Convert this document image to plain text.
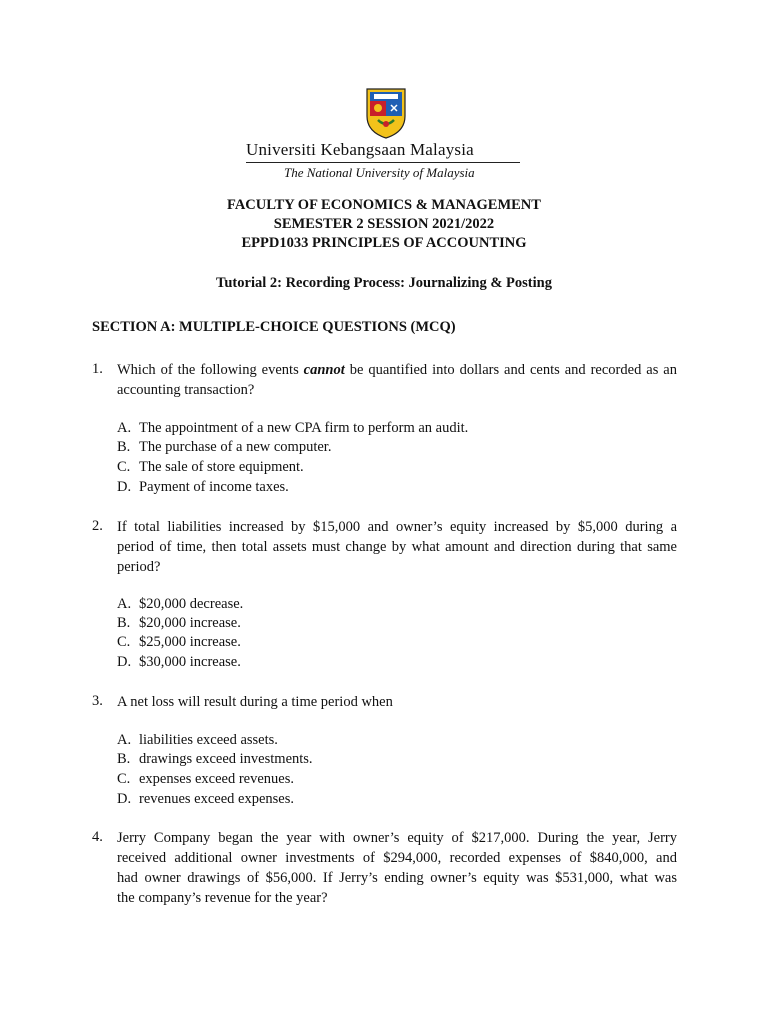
Universiti Kebangsaan Malaysia
The National University of Malaysia
FACULTY OF ECONOMICS & MANAGEMENT
SEMESTER 2 SESSION 2021/2022
EPPD1033 PRINCIPLES OF ACCOUNTING
Tutorial 2: Recording Process: Journalizing & Posting
SECTION A: MULTIPLE-CHOICE QUESTIONS (MCQ)
1. Which of the following events cannot be quantified into dollars and cents and recorded as an accounting transaction?
A. The appointment of a new CPA firm to perform an audit.
B. The purchase of a new computer.
C. The sale of store equipment.
D. Payment of income taxes.
2. If total liabilities increased by $15,000 and owner’s equity increased by $5,000 during a
period of time, then total assets must change by what amount and direction during that same
period?
A. $20,000 decrease.
B. $20,000 increase.
C. $25,000 increase.
D. $30,000 increase.
3. A net loss will result during a time period when
A. liabilities exceed assets.
B. drawings exceed investments.
C. expenses exceed revenues.
D. revenues exceed expenses.
4. Jerry Company began the year with owner’s equity of $217,000. During the year, Jerry
received additional owner investments of $294,000, recorded expenses of $840,000, and
had owner drawings of $56,000. If Jerry’s ending owner’s equity was $531,000, what was
the company’s revenue for the year?
